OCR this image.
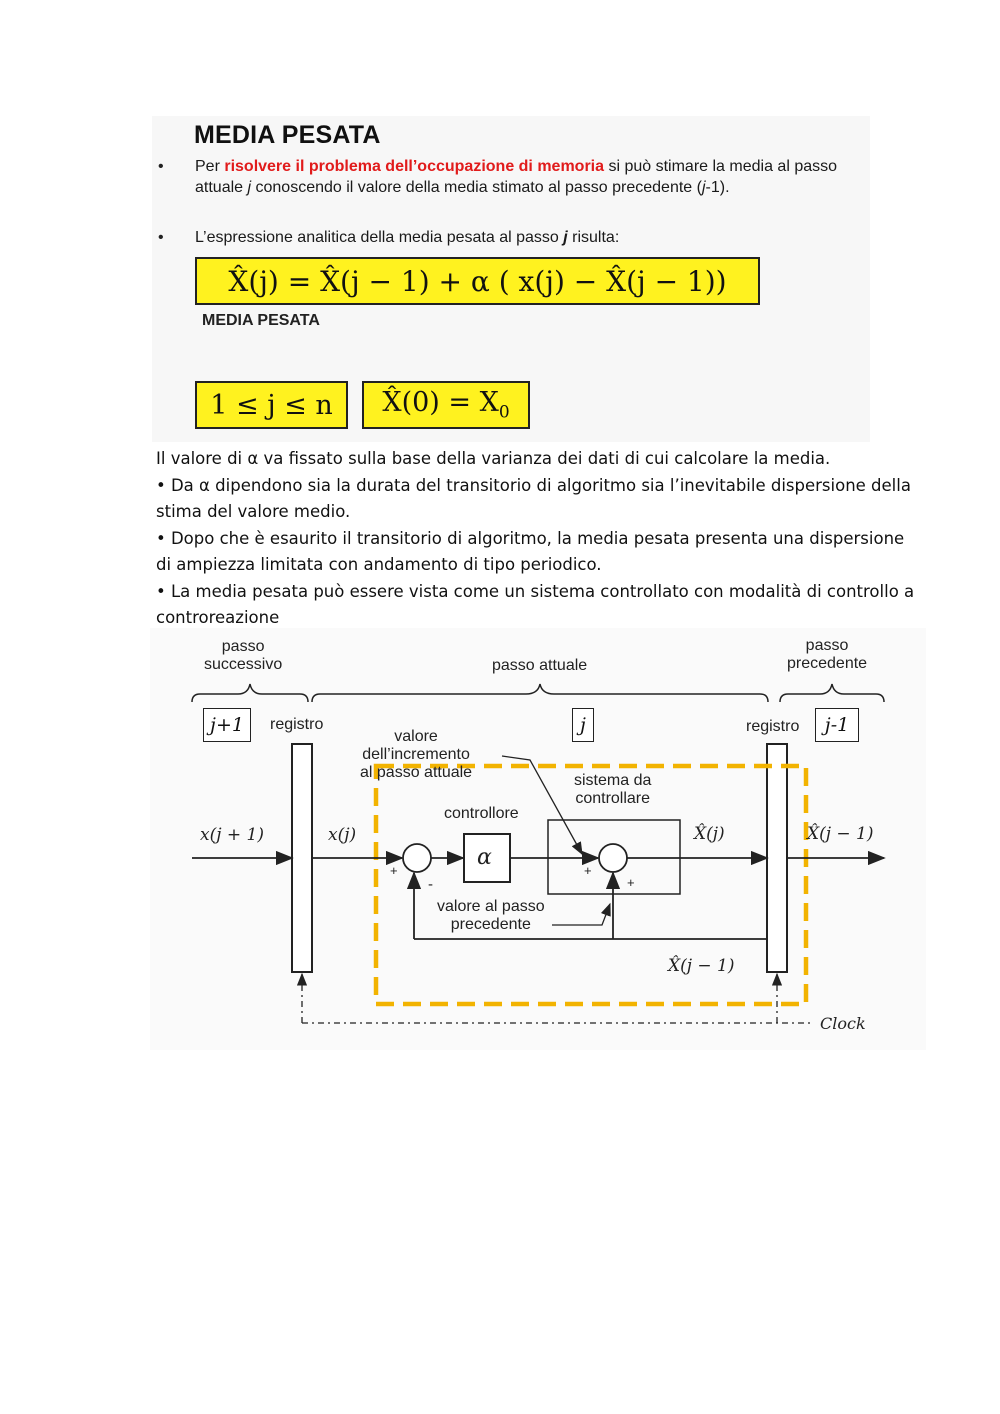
MEDIA PESATA
• Per risolvere il problema dell’occupazione di memoria si può stimare la media al passo attuale j conoscendo il valore della media stimato al passo precedente (j-1).
• L’espressione analitica della media pesata al passo j risulta:
X̂(j) = X̂(j − 1) + α ( x(j) − X̂(j − 1))
MEDIA PESATA
1 ≤ j ≤ n X̂(0) = $X_0$

Il valore di α va fissato sulla base della varianza dei dati di cui calcolare la media.

• Da α dipendono sia la durata del transitorio di algoritmo sia l’inevitabile dispersione della stima del valore medio.

• Dopo che è esaurito il transitorio di algoritmo, la media pesata presenta una dispersione di ampiezza limitata con andamento di tipo periodico.

• La media pesata può essere vista come un sistema controllato con modalità di controllo a controreazione

passo
successivo	passo attuale
passo
precedente
j+1	j	j-1
registro	registro
valore
dell’incremento
al passo attuale	sistema da
controllare
controllore
α
x(j + 1)	x(j)	X̂(j)	X̂(j − 1)
X̂(j − 1)
valore al passo
precedente
+
-
+
+
Clock
